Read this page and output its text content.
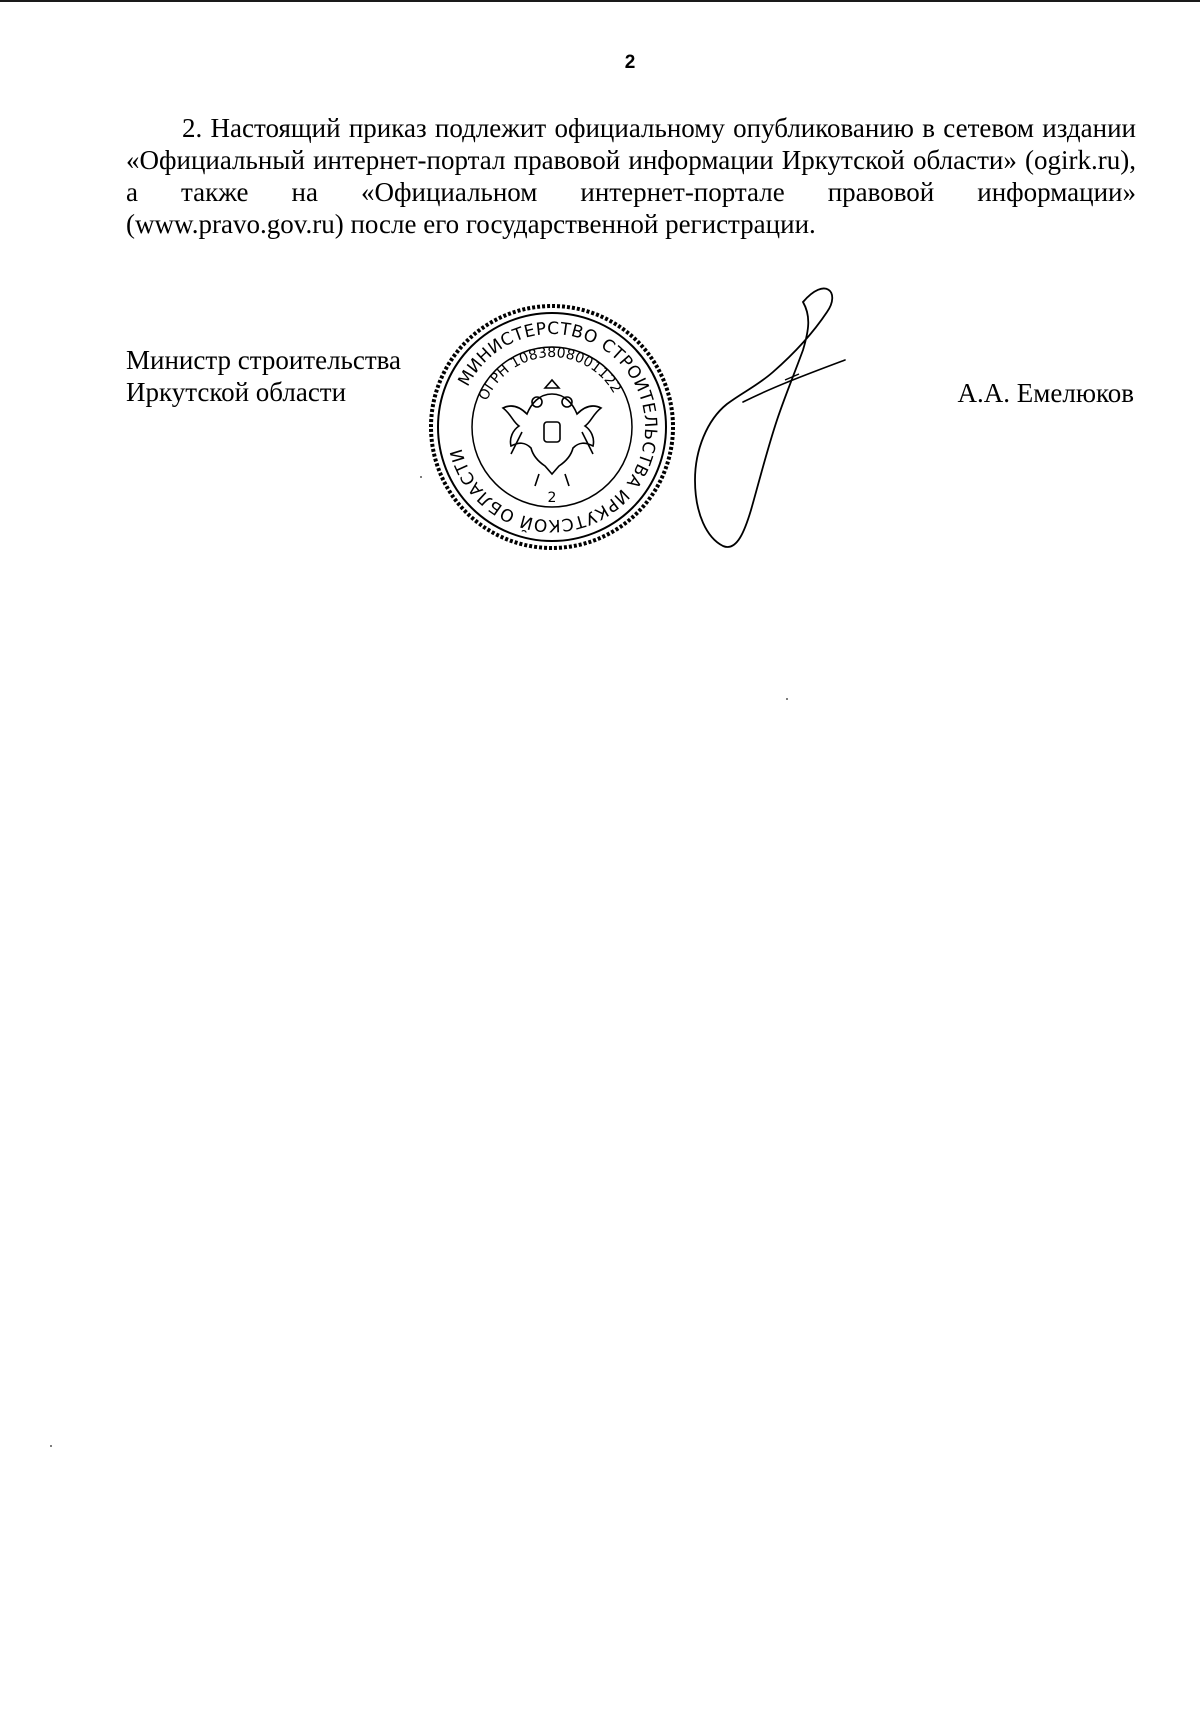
2

2. Настоящий приказ подлежит официальному опубликованию в сетевом издании «Официальный интернет-портал правовой информации Иркутской области» (ogirk.ru), а также на «Официальном интернет-портале правовой информации» (www.pravo.gov.ru) после его государственной регистрации.

Министр строительства
Иркутской области	МИНИСТЕРСТВО СТРОИТЕЛЬСТВА ИРКУТСКОЙ ОБЛАСТИ
ОГРН 1083808001122
2
А.А. Емелюков
